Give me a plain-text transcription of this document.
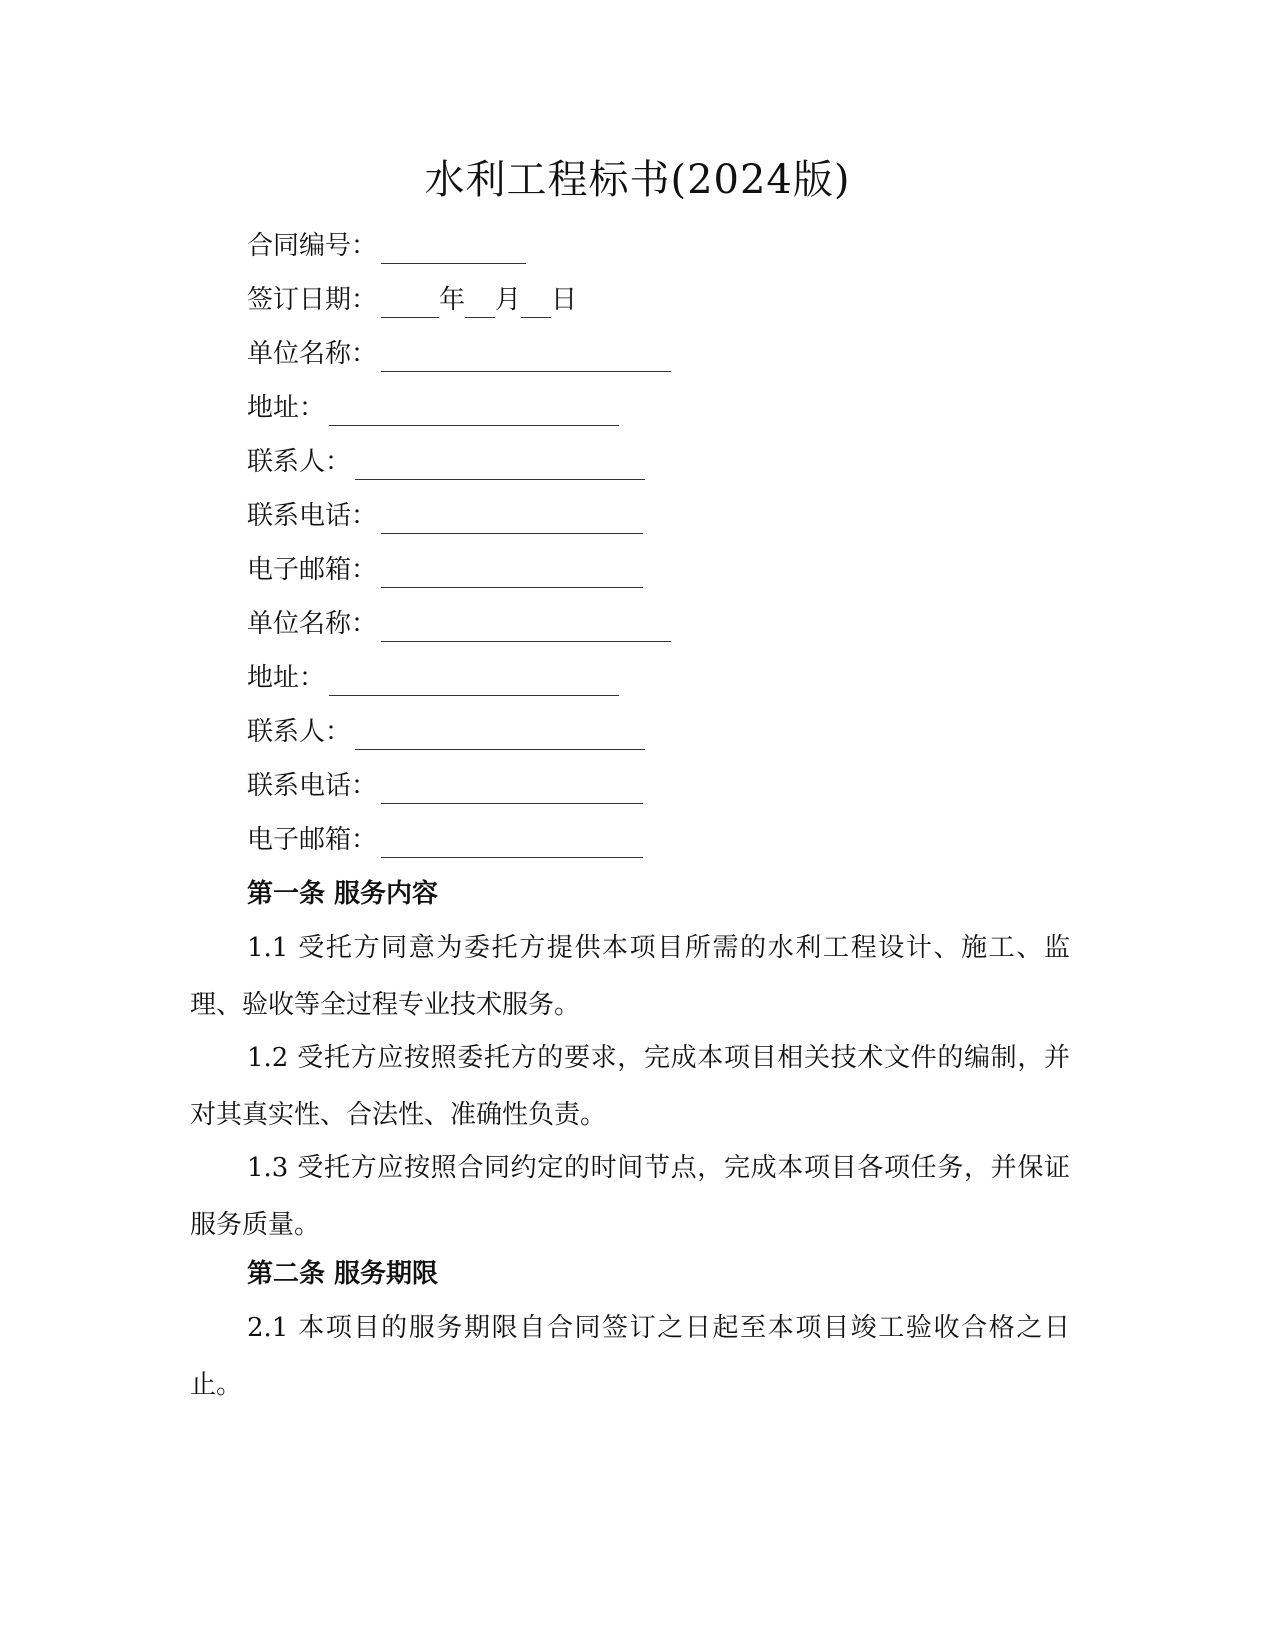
水利工程标书(2024版)
合同编号：
签订日期： 年 月 日
单位名称：
地址：
联系人：
联系电话：
电子邮箱：
单位名称：
地址：
联系人：
联系电话：
电子邮箱：
第一条 服务内容
1.1 受托方同意为委托方提供本项目所需的水利工程设计、施工、监理、验收等全过程专业技术服务。
1.2 受托方应按照委托方的要求，完成本项目相关技术文件的编制，并对其真实性、合法性、准确性负责。
1.3 受托方应按照合同约定的时间节点，完成本项目各项任务，并保证服务质量。
第二条 服务期限
2.1 本项目的服务期限自合同签订之日起至本项目竣工验收合格之日止。
